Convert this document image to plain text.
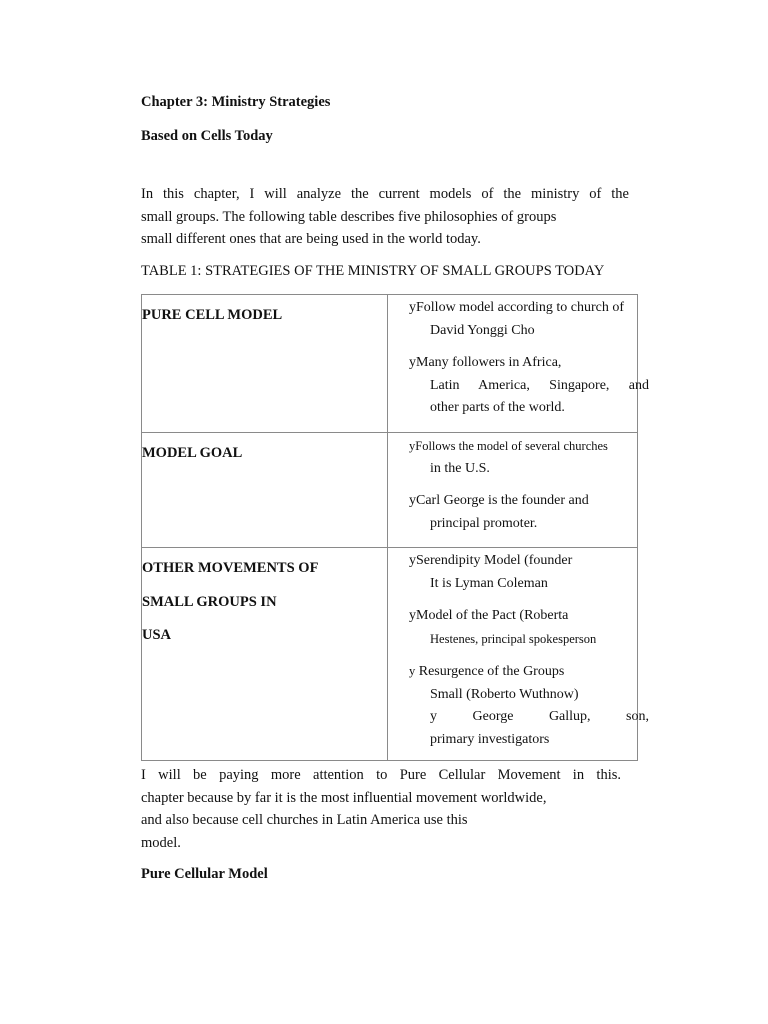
Chapter 3: Ministry Strategies
Based on Cells Today
In this chapter, I will analyze the current models of the ministry of the
small groups. The following table describes five philosophies of groups
small different ones that are being used in the world today.
TABLE 1: STRATEGIES OF THE MINISTRY OF SMALL GROUPS TODAY
PURE CELL MODEL	yFollow model according to church of
David Yonggi Cho
yMany followers in Africa,
Latin America, Singapore, and
other parts of the world.
MODEL GOAL	yFollows the model of several churches
in the U.S.
yCarl George is the founder and
principal promoter.
OTHER MOVEMENTS OF
SMALL GROUPS IN
USA
ySerendipity Model (founder
It is Lyman Coleman
yModel of the Pact (Roberta
Hestenes, principal spokesperson
y Resurgence of the Groups
Small (Roberto Wuthnow)
y George Gallup, son,
primary investigators
I will be paying more attention to Pure Cellular Movement in this.
chapter because by far it is the most influential movement worldwide,
and also because cell churches in Latin America use this
model.
Pure Cellular Model
